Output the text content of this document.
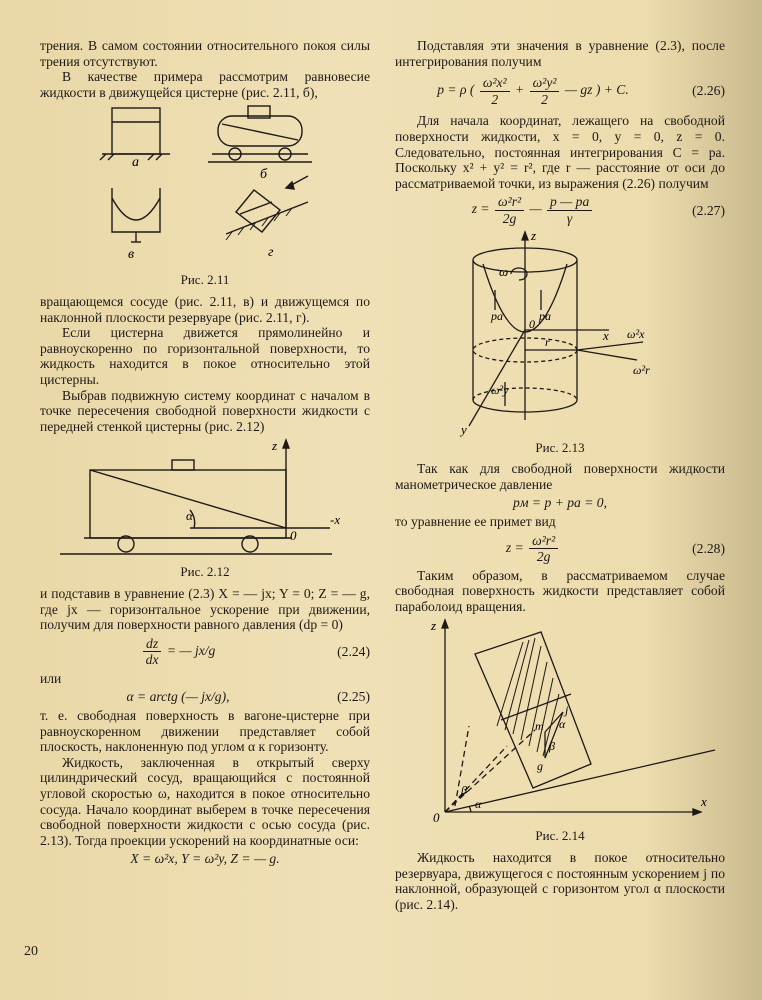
трения. В самом состоянии относительного покоя силы трения отсутствуют.

В качестве примера рассмотрим равновесие жидкости в движущейся цистерне (рис. 2.11, б),

а
б
в	г
Рис. 2.11

вращающемся сосуде (рис. 2.11, в) и движущемся по наклонной плоскости резервуаре (рис. 2.11, г).

Если цистерна движется прямолинейно и равноускоренно по горизонтальной поверхности, то жидкость находится в покое относительно этой цистерны.

Выбрав подвижную систему координат с началом в точке пересечения свободной поверхности жидкости с передней стенкой цистерны (рис. 2.12)

z
-x
α
0
Рис. 2.12

и подставив в уравнение (2.3) X = — jx; Y = 0; Z = — g, где jx — горизонтальное ускорение при движении, получим для поверхности равного давления (dp = 0)

$\frac{dz}{dx}$ = — jx/g	(2.24)

или

α = arctg (— jx/g),	(2.25)

т. е. свободная поверхность в вагоне-цистерне при равноускоренном движении представляет собой плоскость, наклоненную под углом α к горизонту.

Жидкость, заключенная в открытый сверху цилиндрический сосуд, вращающийся с постоянной угловой скоростью ω, находится в покое относительно сосуда. Начало координат выберем в точке пересечения свободной поверхности жидкости с осью сосуда (рис. 2.13). Тогда проекции ускорений на координатные оси:

X = ω²x, Y = ω²y, Z = — g.

Подставляя эти значения в уравнение (2.3), после интегрирования получим

p = ρ ( $\frac{\text{ω²x²}}{2} + \frac{\text{ω²y²}}{2}$ — gz ) + C.	(2.26)

Для начала координат, лежащего на свободной поверхности жидкости, x = 0, y = 0, z = 0. Следовательно, постоянная интегрирования C = pa. Поскольку x² + y² = r², где r — расстояние от оси до рассматриваемой точки, из выражения (2.26) получим

$z = \frac{\text{ω²r²}}{2g}$ — $\frac{p — pa}{\gamma}$	(2.27)
z
ω
pa	pa
0
x ω²x
ω²r
ω²y
r
y
Рис. 2.13

Так как для свободной поверхности жидкости манометрическое давление

pм = p + pa = 0,

то уравнение ее примет вид

$z = \frac{\text{ω²r²}}{2g}$	(2.28)

Таким образом, в рассматриваемом случае свободная поверхность жидкости представляет собой параболоид вращения.

z
x
0
β
α
m
j
α
β
g
Рис. 2.14

Жидкость находится в покое относительно резервуара, движущегося с постоянным ускорением j по наклонной, образующей с горизонтом угол α плоскости (рис. 2.14).

20
